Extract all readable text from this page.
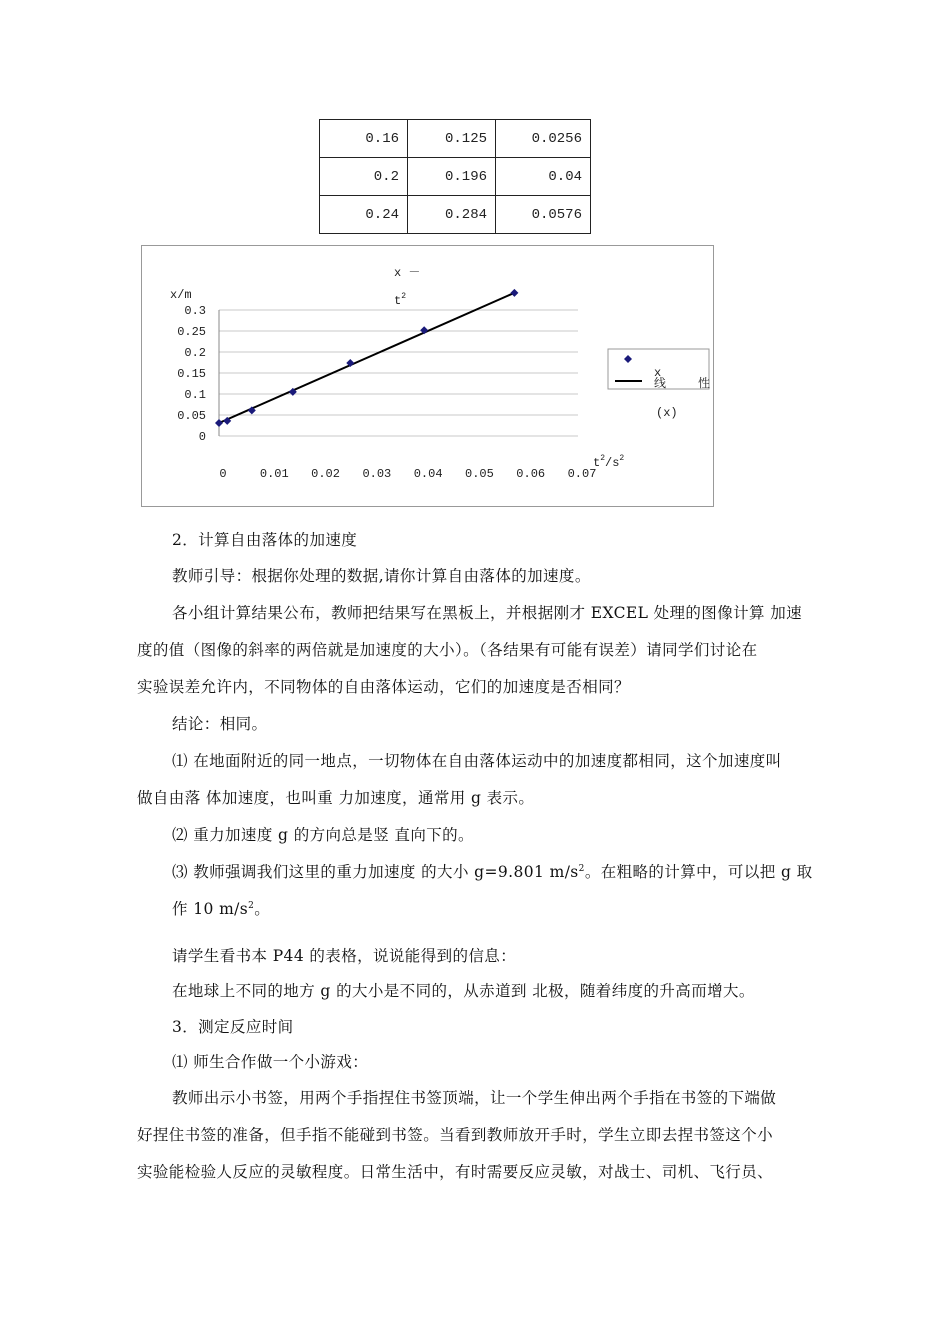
0.16	0.125	0.0256
0.2	0.196	0.04
0.24	0.284	0.0576
x －
$t^2$
x/m
$t^2/s^2$
0
0.05
0.1
0.15
0.2
0.25
0.3
0	0.01 0.02 0.03 0.04 0.05 0.06 0.07
x
线	性
(x)
2．计算自由落体的加速度
教师引导：根据你处理的数据,请你计算自由落体的加速度。
各小组计算结果公布，教师把结果写在黑板上，并根据刚才 EXCEL 处理的图像计算 加速
度的值（图像的斜率的两倍就是加速度的大小）。（各结果有可能有误差）请同学们讨论在
实验误差允许内，不同物体的自由落体运动，它们的加速度是否相同？
结论：相同。
⑴ 在地面附近的同一地点，一切物体在自由落体运动中的加速度都相同，这个加速度叫
做自由落 体加速度，也叫重 力加速度，通常用 g 表示。
⑵ 重力加速度 g 的方向总是竖 直向下的。
⑶ 教师强调我们这里的重力加速度 的大小 g=9.801 $m/s^2$。在粗略的计算中，可以把 g 取
作 10 $m/s^2$。
请学生看书本 P44 的表格，说说能得到的信息：
在地球上不同的地方 g 的大小是不同的，从赤道到 北极，随着纬度的升高而增大。
3．测定反应时间
⑴ 师生合作做一个小游戏：
教师出示小书签，用两个手指捏住书签顶端，让一个学生伸出两个手指在书签的下端做
好捏住书签的准备，但手指不能碰到书签。当看到教师放开手时，学生立即去捏书签这个小
实验能检验人反应的灵敏程度。日常生活中，有时需要反应灵敏，对战士、司机、飞行员、
